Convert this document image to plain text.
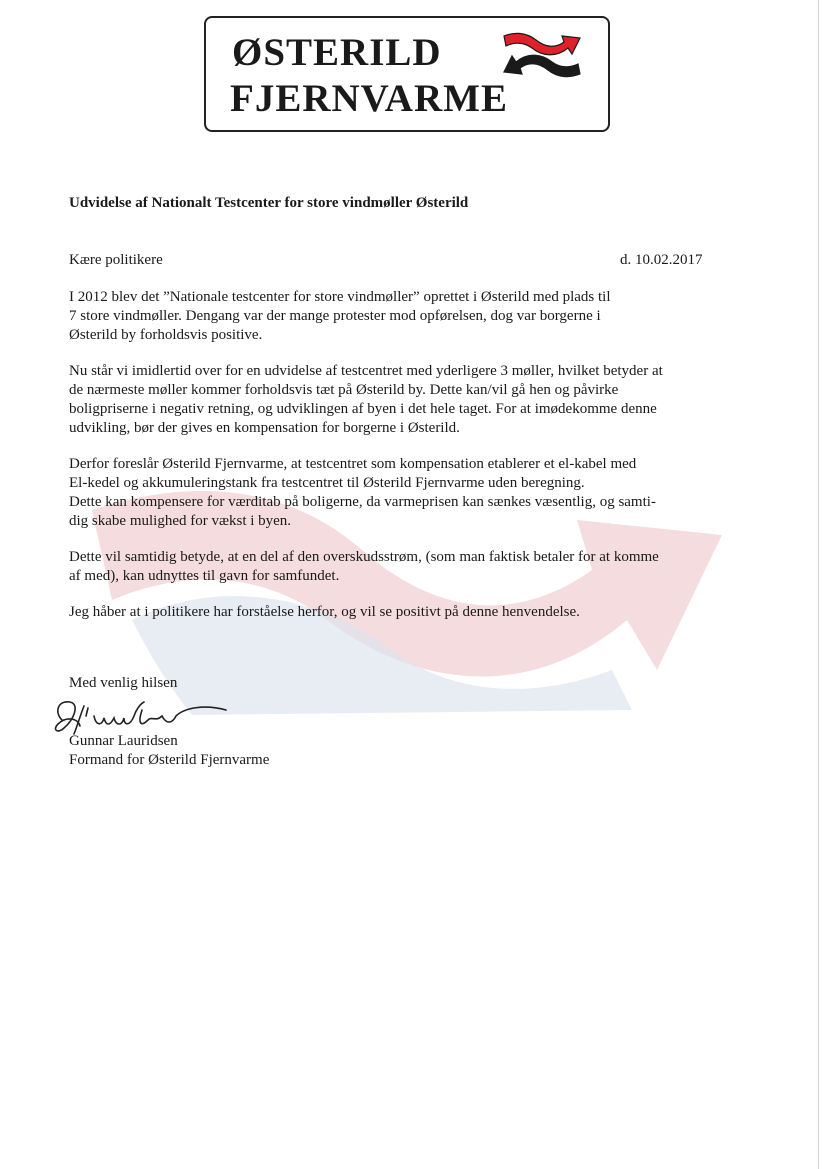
ØSTERILD
FJERNVARME
Udvidelse af Nationalt Testcenter for store vindmøller Østerild
Kære politikere	d. 10.02.2017

I 2012 blev det ”Nationale testcenter for store vindmøller” oprettet i Østerild med plads til
7 store vindmøller. Dengang var der mange protester mod opførelsen, dog var borgerne i
Østerild by forholdsvis positive.

Nu står vi imidlertid over for en udvidelse af testcentret med yderligere 3 møller, hvilket betyder at
de nærmeste møller kommer forholdsvis tæt på Østerild by. Dette kan/vil gå hen og påvirke
boligpriserne i negativ retning, og udviklingen af byen i det hele taget. For at imødekomme denne
udvikling, bør der gives en kompensation for borgerne i Østerild.

Derfor foreslår Østerild Fjernvarme, at testcentret som kompensation etablerer et el-kabel med
El-kedel og akkumuleringstank fra testcentret til Østerild Fjernvarme uden beregning.
Dette kan kompensere for værditab på boligerne, da varmeprisen kan sænkes væsentlig, og samti-
dig skabe mulighed for vækst i byen.

Dette vil samtidig betyde, at en del af den overskudsstrøm, (som man faktisk betaler for at komme
af med), kan udnyttes til gavn for samfundet.

Jeg håber at i politikere har forståelse herfor, og vil se positivt på denne henvendelse.

Med venlig hilsen
Gunnar Lauridsen
Formand for Østerild Fjernvarme
